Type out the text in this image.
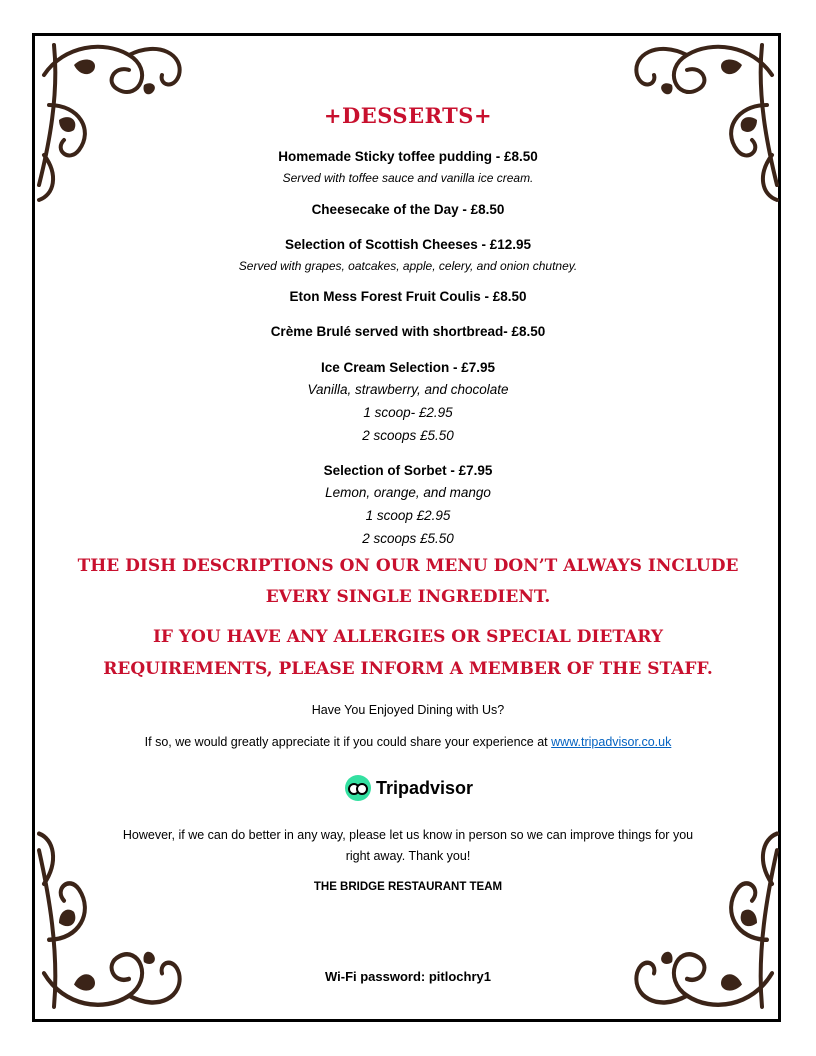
+DESSERTS+
Homemade Sticky toffee pudding - £8.50
Served with toffee sauce and vanilla ice cream.
Cheesecake of the Day - £8.50
Selection of Scottish Cheeses - £12.95
Served with grapes, oatcakes, apple, celery, and onion chutney.
Eton Mess Forest Fruit Coulis - £8.50
Crème Brulé served with shortbread- £8.50
Ice Cream Selection - £7.95
Vanilla, strawberry, and chocolate
1 scoop- £2.95
2 scoops £5.50
Selection of Sorbet - £7.95
Lemon, orange, and mango
1 scoop £2.95
2 scoops £5.50
THE DISH DESCRIPTIONS ON OUR MENU DON’T ALWAYS INCLUDE
EVERY SINGLE INGREDIENT.
IF YOU HAVE ANY ALLERGIES OR SPECIAL DIETARY
REQUIREMENTS, PLEASE INFORM A MEMBER OF THE STAFF.
Have You Enjoyed Dining with Us?
If so, we would greatly appreciate it if you could share your experience at www.tripadvisor.co.uk
Tripadvisor
However, if we can do better in any way, please let us know in person so we can improve things for you
right away. Thank you!
THE BRIDGE RESTAURANT TEAM
Wi-Fi password: pitlochry1
